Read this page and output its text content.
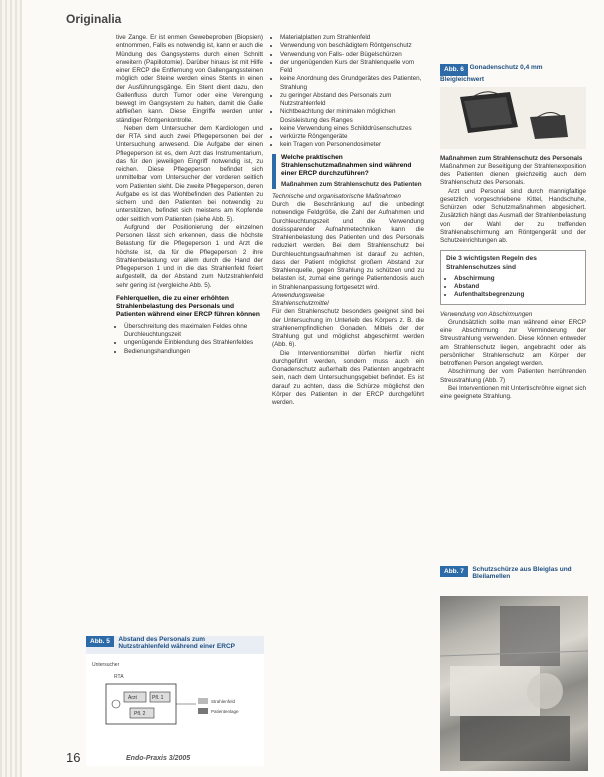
Originalia

tive Zange. Er ist enmen Gewebeproben (Biopsien) entnommen, Falls es notwendig ist, kann er auch die Mündung des Gangsystems durch einen Schnitt erweitern (Papillotomie). Darüber hinaus ist mit Hilfe einer ERCP die Entfernung von Gallengangssteinen möglich oder Steine werden eines Stents in einen der Ausführungsgänge. Ein Stent dient dazu, den Gallenfluss durch Tumor oder eine Verengung bewegt im Gangsystem zu halten, damit die Galle abfließen kann. Diese Eingriffe werden unter ständiger Röntgenkontrolle.

Neben dem Untersucher dem Kardiologen und der RTA sind auch zwei Pflegepersonen bei der Untersuchung anwesend. Die Aufgabe der einen Pflegeperson ist es, dem Arzt das Instrumentarium, das für den jeweiligen Eingriff notwendig ist, zu reichen. Diese Pflegeperson befindet sich unmittelbar vom Untersucher der vorderen seitlich vom Patienten sieht. Die zweite Pflegeperson, deren Aufgabe es ist das Wohlbefinden des Patienten zu sichern und den Patienten bei notwendig zu unterstützen, befindet sich meistens am Kopfende oder seitlich vom Patienten (siehe Abb. 5).

Aufgrund der Positionierung der einzelnen Personen lässt sich erkennen, dass die höchste Belastung für die Pflegeperson 1 und Arzt die höchste ist, da für die Pflegeperson 2 ihre Strahlenbelastung vor allem durch die Hand der Pflegeperson 1 und in die das Strahlenfeld fixiert aufgestellt, da der Abstand zum Nutzstrahlenfeld sehr gering ist (vergleiche Abb. 5).

Fehlerquellen, die zu einer erhöhten Strahlenbelastung des Personals und Patienten während einer ERCP führen können
• Überschreitung des maximalen Feldes ohne Durchleuchtungszeit
• ungenügende Einblendung des Strahlenfeldes
• Bedienungshandlungen
• Materialplatten zum Strahlenfeld
• Verwendung von beschädigtem Röntgenschutz
• Verwendung von Falls- oder Bügelschürzen
• der ungenügenden Kurs der Strahlenquelle vom Feld
• keine Anordnung des Grundgerätes des Patienten, Strahlung
• zu geringer Abstand des Personals zum Nutzstrahlenfeld
• Nichtbeachtung der minimalen möglichen Dosisleistung des Ranges
• keine Verwendung eines Schilddrüsenschutzes
• verkürzte Röngengeräte
• kein Tragen von Personendosimeter
Welche praktischen Strahlenschutzmaßnahmen sind während einer ERCP durchzuführen?
Maßnahmen zum Strahlenschutz des Patienten
Technische und organisatorische Maßnahmen

Durch die Beschränkung auf die unbedingt notwendige Feldgröße, die Zahl der Aufnahmen und Durchleuchtungszeit und die Verwendung dosissparender Aufnahmetechniken kann die Strahlenbelastung des Patienten und des Personals reduziert werden. Bei dem Strahlenschutz bei Durchleuchtungsaufnahmen ist darauf zu achten, dass der Patient möglichst großem Abstand zur Strahlenquelle, gegen Strahlung zu schützen und zu belasten ist, zumal eine geringe Patientendosis auch in Strahlenanpassung fortgesetzt wird.

Anwendungsweise
Strahlenschutzmittel

Für den Strahlenschutz besonders geeignet sind bei der Untersuchung im Unterleib des Körpers z. B. die strahlenempfindlichen Gonaden. Mittels der der Strahlung gut und möglichst abgeschirmt werden (Abb. 6).

Die Interventionsmittel dürfen hierfür nicht durchgeführt werden, sondern muss auch ein Gonadenschutz außerhalb des Patienten angebracht sein, nach dem Untersuchungsgebiet befindet. Es ist darauf zu achten, dass die Schürze möglichst den Körper des Patienten in der ERCP durchgeführt werden.

Abb. 6 Gonadenschutz 0,4 mm Bleigleichwert
Maßnahmen zum Strahlenschutz des Personals

Maßnahmen zur Beseitigung der Strahlenexposition des Patienten dienen gleichzeitig auch dem Strahlenschutz des Personals.

Arzt und Personal sind durch mannigfaltige gesetzlich vorgeschriebene Kittel, Handschuhe, Schürzen oder Schutzmaßnahmen abgesichert. Zusätzlich hängt das Ausmaß der Strahlenbelastung von der Wahl der zu treffenden Strahlenabschirmung am Röntgengerät und der Schutzeinrichtungen ab.

Die 3 wichtigsten Regeln des Strahlenschutzes sind
• Abschirmung
• Abstand
• Aufenthaltsbegrenzung
Verwendung von Abschirmungen

Grundsätzlich sollte man während einer ERCP eine Abschirmung zur Verminderung der Streustrahlung verwenden. Diese können entweder am Strahlenschutz liegen, angebracht oder als persönlicher Strahlenschutz am Körper der betroffenen Person angelegt werden.

Abschirmung der vom Patienten herrührenden Streustrahlung (Abb. 7)

Bei Interventionen mit Untertischröhre eignet sich eine geeignete Strahlung.

Abb. 7 Schutzschürze aus Bleiglas und Bleilamellen
Abb. 5 Abstand des Personals zum Nutzstrahlenfeld während einer ERCP
Untersucher
Arzt	Pfl. 1
Pfl. 2
RTA
Strahlenfeld
Patientenlage
16	Endo-Praxis 3/2005
